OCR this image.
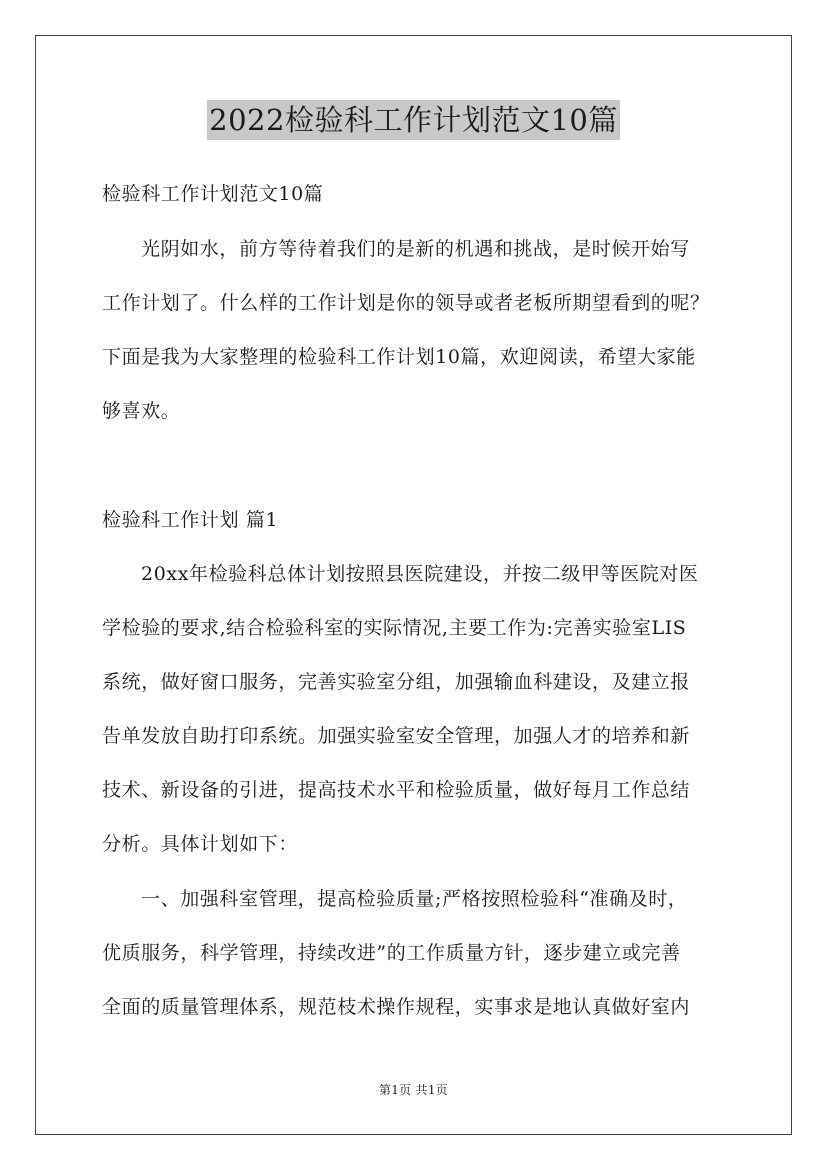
2022检验科工作计划范文10篇
检验科工作计划范文10篇
光阴如水，前方等待着我们的是新的机遇和挑战，是时候开始写
工作计划了。什么样的工作计划是你的领导或者老板所期望看到的呢？
下面是我为大家整理的检验科工作计划10篇，欢迎阅读，希望大家能
够喜欢。
检验科工作计划 篇1
20xx年检验科总体计划按照县医院建设，并按二级甲等医院对医
学检验的要求,结合检验科室的实际情况,主要工作为:完善实验室LIS
系统，做好窗口服务，完善实验室分组，加强输血科建设，及建立报
告单发放自助打印系统。加强实验室安全管理，加强人才的培养和新
技术、新设备的引进，提高技术水平和检验质量，做好每月工作总结
分析。具体计划如下：
一、加强科室管理，提高检验质量;严格按照检验科“准确及时，
优质服务，科学管理，持续改进”的工作质量方针，逐步建立或完善
全面的质量管理体系，规范枝术操作规程，实事求是地认真做好室内
第1页 共1页
